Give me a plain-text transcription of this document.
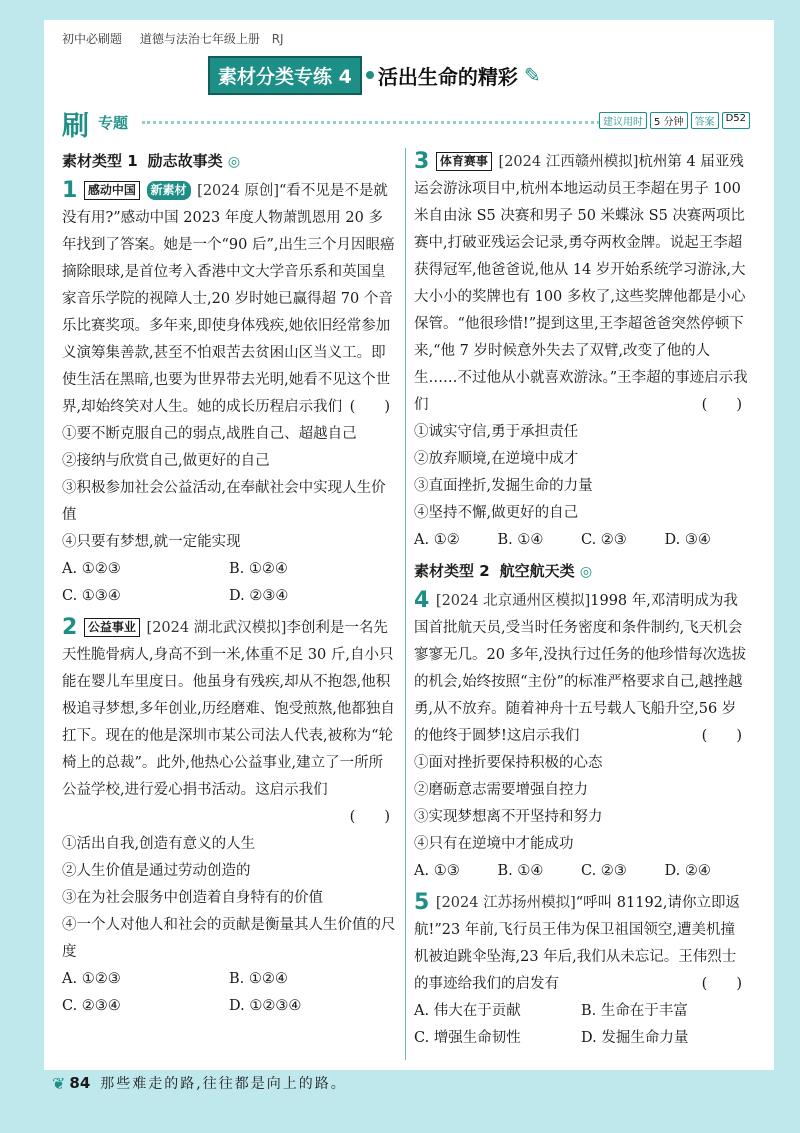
初中必刷题 道德与法治七年级上册 RJ
素材分类专练 4	活出生命的精彩 ✎
刷 专题	建议用时	5 分钟	答案	D52
素材类型 1 励志故事类 ◎
1 感动中国 新素材 [2024 原创]“看不见是不是就没有用?”感动中国 2023 年度人物萧凯恩用 20 多年找到了答案。她是一个“90 后”,出生三个月因眼癌摘除眼球,是首位考入香港中文大学音乐系和英国皇家音乐学院的视障人士,20 岁时她已赢得超 70 个音乐比赛奖项。多年来,即使身体残疾,她依旧经常参加义演筹集善款,甚至不怕艰苦去贫困山区当义工。即使生活在黑暗,也要为世界带去光明,她看不见这个世界,却始终笑对人生。她的成长历程启示我们 (　　)
①要不断克服自己的弱点,战胜自己、超越自己
②接纳与欣赏自己,做更好的自己
③积极参加社会公益活动,在奉献社会中实现人生价值
④只要有梦想,就一定能实现
A. ①②③	B. ①②④
C. ①③④	D. ②③④
2 公益事业 [2024 湖北武汉模拟]李创利是一名先天性脆骨病人,身高不到一米,体重不足 30 斤,自小只能在婴儿车里度日。他虽身有残疾,却从不抱怨,他积极追寻梦想,多年创业,历经磨难、饱受煎熬,他都独自扛下。现在的他是深圳市某公司法人代表,被称为“轮椅上的总裁”。此外,他热心公益事业,建立了一所所公益学校,进行爱心捐书活动。这启示我们
(　　)
①活出自我,创造有意义的人生
②人生价值是通过劳动创造的
③在为社会服务中创造着自身特有的价值
④一个人对他人和社会的贡献是衡量其人生价值的尺度
A. ①②③	B. ①②④
C. ②③④	D. ①②③④
3 体育赛事 [2024 江西赣州模拟]杭州第 4 届亚残运会游泳项目中,杭州本地运动员王李超在男子 100 米自由泳 S5 决赛和男子 50 米蝶泳 S5 决赛两项比赛中,打破亚残运会记录,勇夺两枚金牌。说起王李超获得冠军,他爸爸说,他从 14 岁开始系统学习游泳,大大小小的奖牌也有 100 多枚了,这些奖牌他都是小心保管。“他很珍惜!”提到这里,王李超爸爸突然停顿下来,“他 7 岁时候意外失去了双臂,改变了他的人生……不过他从小就喜欢游泳。”王李超的事迹启示我们	(　　)
①诚实守信,勇于承担责任
②放弃顺境,在逆境中成才
③直面挫折,发掘生命的力量
④坚持不懈,做更好的自己
A. ①②	B. ①④	C. ②③	D. ③④
素材类型 2 航空航天类 ◎
4 [2024 北京通州区模拟]1998 年,邓清明成为我国首批航天员,受当时任务密度和条件制约,飞天机会寥寥无几。20 多年,没执行过任务的他珍惜每次选拔的机会,始终按照“主份”的标准严格要求自己,越挫越勇,从不放弃。随着神舟十五号载人飞船升空,56 岁的他终于圆梦!这启示我们	(　　)
①面对挫折要保持积极的心态
②磨砺意志需要增强自控力
③实现梦想离不开坚持和努力
④只有在逆境中才能成功
A. ①③	B. ①④	C. ②③	D. ②④
5 [2024 江苏扬州模拟]“呼叫 81192,请你立即返航!”23 年前,飞行员王伟为保卫祖国领空,遭美机撞机被迫跳伞坠海,23 年后,我们从未忘记。王伟烈士的事迹给我们的启发有	(　　)
A. 伟大在于贡献	B. 生命在于丰富
C. 增强生命韧性	D. 发掘生命力量
❦ 84 那些难走的路,往往都是向上的路。
